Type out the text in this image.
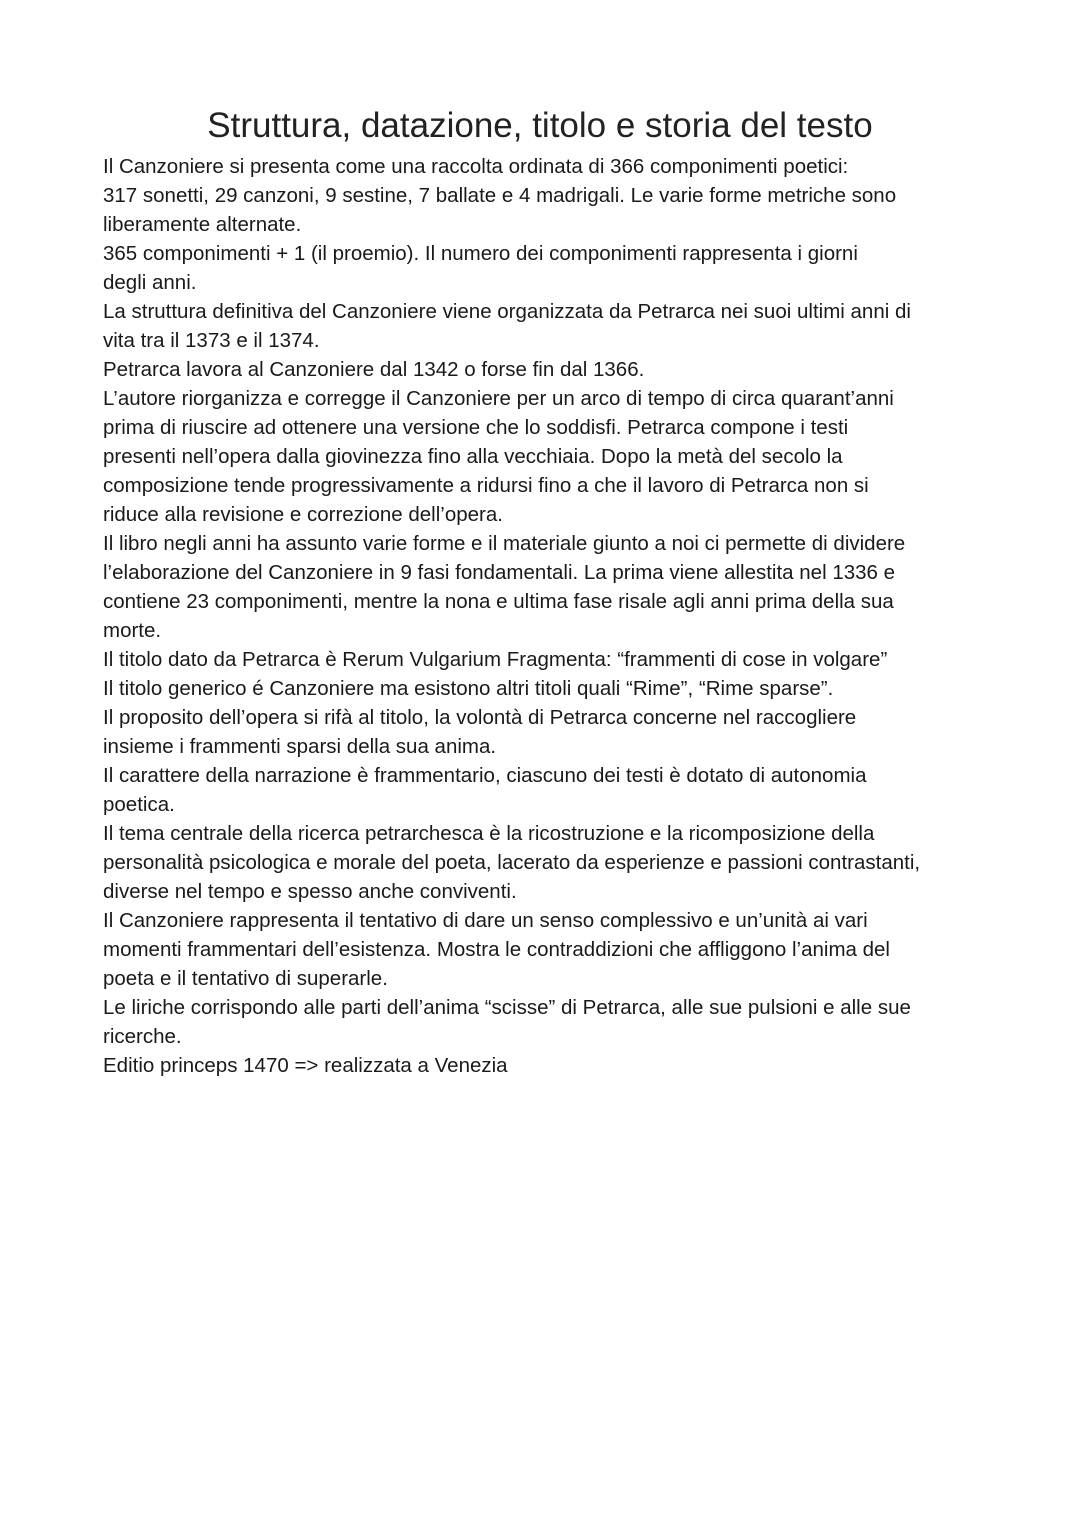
Struttura, datazione, titolo e storia del testo
Il Canzoniere si presenta come una raccolta ordinata di 366 componimenti poetici:
317 sonetti, 29 canzoni, 9 sestine, 7 ballate e 4 madrigali. Le varie forme metriche sono
liberamente alternate.
365 componimenti + 1 (il proemio). Il numero dei componimenti rappresenta i giorni
degli anni.
La struttura definitiva del Canzoniere viene organizzata da Petrarca nei suoi ultimi anni di
vita tra il 1373 e il 1374.
Petrarca lavora al Canzoniere dal 1342 o forse fin dal 1366.
L’autore riorganizza e corregge il Canzoniere per un arco di tempo di circa quarant’anni
prima di riuscire ad ottenere una versione che lo soddisfi. Petrarca compone i testi
presenti nell’opera dalla giovinezza fino alla vecchiaia. Dopo la metà del secolo la
composizione tende progressivamente a ridursi fino a che il lavoro di Petrarca non si
riduce alla revisione e correzione dell’opera.
Il libro negli anni ha assunto varie forme e il materiale giunto a noi ci permette di dividere
l’elaborazione del Canzoniere in 9 fasi fondamentali. La prima viene allestita nel 1336 e
contiene 23 componimenti, mentre la nona e ultima fase risale agli anni prima della sua
morte.
Il titolo dato da Petrarca è Rerum Vulgarium Fragmenta: “frammenti di cose in volgare”
Il titolo generico é Canzoniere ma esistono altri titoli quali “Rime”, “Rime sparse”.
Il proposito dell’opera si rifà al titolo, la volontà di Petrarca concerne nel raccogliere
insieme i frammenti sparsi della sua anima.
Il carattere della narrazione è frammentario, ciascuno dei testi è dotato di autonomia
poetica.
Il tema centrale della ricerca petrarchesca è la ricostruzione e la ricomposizione della
personalità psicologica e morale del poeta, lacerato da esperienze e passioni contrastanti,
diverse nel tempo e spesso anche conviventi.
Il Canzoniere rappresenta il tentativo di dare un senso complessivo e un’unità ai vari
momenti frammentari dell’esistenza. Mostra le contraddizioni che affliggono l’anima del
poeta e il tentativo di superarle.
Le liriche corrispondo alle parti dell’anima “scisse” di Petrarca, alle sue pulsioni e alle sue
ricerche.
Editio princeps 1470 => realizzata a Venezia
